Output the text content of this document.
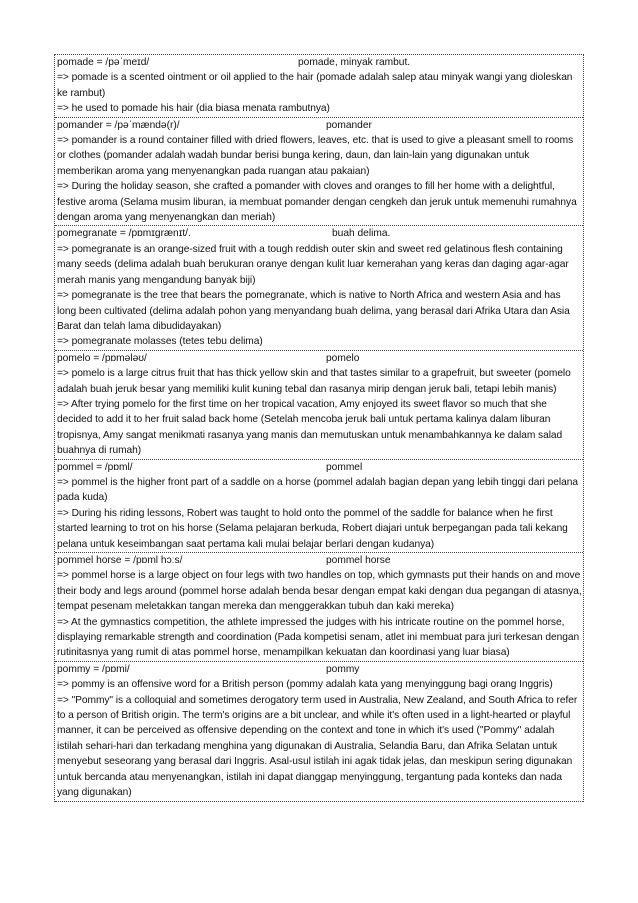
pomade = /pəˈmeɪd/	pomade, minyak rambut.
=> pomade is a scented ointment or oil applied to the hair (pomade adalah salep atau minyak wangi yang dioleskan ke rambut)
=> he used to pomade his hair (dia biasa menata rambutnya)
pomander = /pəˈmændə(r)/	pomander
=> pomander is a round container filled with dried flowers, leaves, etc. that is used to give a pleasant smell to rooms or clothes (pomander adalah wadah bundar berisi bunga kering, daun, dan lain-lain yang digunakan untuk memberikan aroma yang menyenangkan pada ruangan atau pakaian)
=> During the holiday season, she crafted a pomander with cloves and oranges to fill her home with a delightful, festive aroma (Selama musim liburan, ia membuat pomander dengan cengkeh dan jeruk untuk memenuhi rumahnya dengan aroma yang menyenangkan dan meriah)
pomegranate = /pɒmɪɡrænɪt/.	buah delima.
=> pomegranate is an orange-sized fruit with a tough reddish outer skin and sweet red gelatinous flesh containing many seeds (delima adalah buah berukuran oranye dengan kulit luar kemerahan yang keras dan daging agar-agar merah manis yang mengandung banyak biji)
=> pomegranate is the tree that bears the pomegranate, which is native to North Africa and western Asia and has long been cultivated (delima adalah pohon yang menyandang buah delima, yang berasal dari Afrika Utara dan Asia Barat dan telah lama dibudidayakan)
=> pomegranate molasses (tetes tebu delima)
pomelo = /pɒmələʊ/	pomelo
=> pomelo is a large citrus fruit that has thick yellow skin and that tastes similar to a grapefruit, but sweeter (pomelo adalah buah jeruk besar yang memiliki kulit kuning tebal dan rasanya mirip dengan jeruk bali, tetapi lebih manis)
=> After trying pomelo for the first time on her tropical vacation, Amy enjoyed its sweet flavor so much that she decided to add it to her fruit salad back home (Setelah mencoba jeruk bali untuk pertama kalinya dalam liburan tropisnya, Amy sangat menikmati rasanya yang manis dan memutuskan untuk menambahkannya ke dalam salad buahnya di rumah)
pommel = /pɒml/	pommel
=> pommel is the higher front part of a saddle on a horse (pommel adalah bagian depan yang lebih tinggi dari pelana pada kuda)
=> During his riding lessons, Robert was taught to hold onto the pommel of the saddle for balance when he first started learning to trot on his horse (Selama pelajaran berkuda, Robert diajari untuk berpegangan pada tali kekang pelana untuk keseimbangan saat pertama kali mulai belajar berlari dengan kudanya)
pommel horse = /pɒml hɔːs/	pommel horse
=> pommel horse is a large object on four legs with two handles on top, which gymnasts put their hands on and move their body and legs around (pommel horse adalah benda besar dengan empat kaki dengan dua pegangan di atasnya, tempat pesenam meletakkan tangan mereka dan menggerakkan tubuh dan kaki mereka)
=> At the gymnastics competition, the athlete impressed the judges with his intricate routine on the pommel horse, displaying remarkable strength and coordination (Pada kompetisi senam, atlet ini membuat para juri terkesan dengan rutinitasnya yang rumit di atas pommel horse, menampilkan kekuatan dan koordinasi yang luar biasa)
pommy = /pɒmi/	pommy
=> pommy is an offensive word for a British person (pommy adalah kata yang menyinggung bagi orang Inggris)
=> "Pommy" is a colloquial and sometimes derogatory term used in Australia, New Zealand, and South Africa to refer to a person of British origin. The term's origins are a bit unclear, and while it's often used in a light-hearted or playful manner, it can be perceived as offensive depending on the context and tone in which it's used ("Pommy" adalah istilah sehari-hari dan terkadang menghina yang digunakan di Australia, Selandia Baru, dan Afrika Selatan untuk menyebut seseorang yang berasal dari Inggris. Asal-usul istilah ini agak tidak jelas, dan meskipun sering digunakan untuk bercanda atau menyenangkan, istilah ini dapat dianggap menyinggung, tergantung pada konteks dan nada yang digunakan)
